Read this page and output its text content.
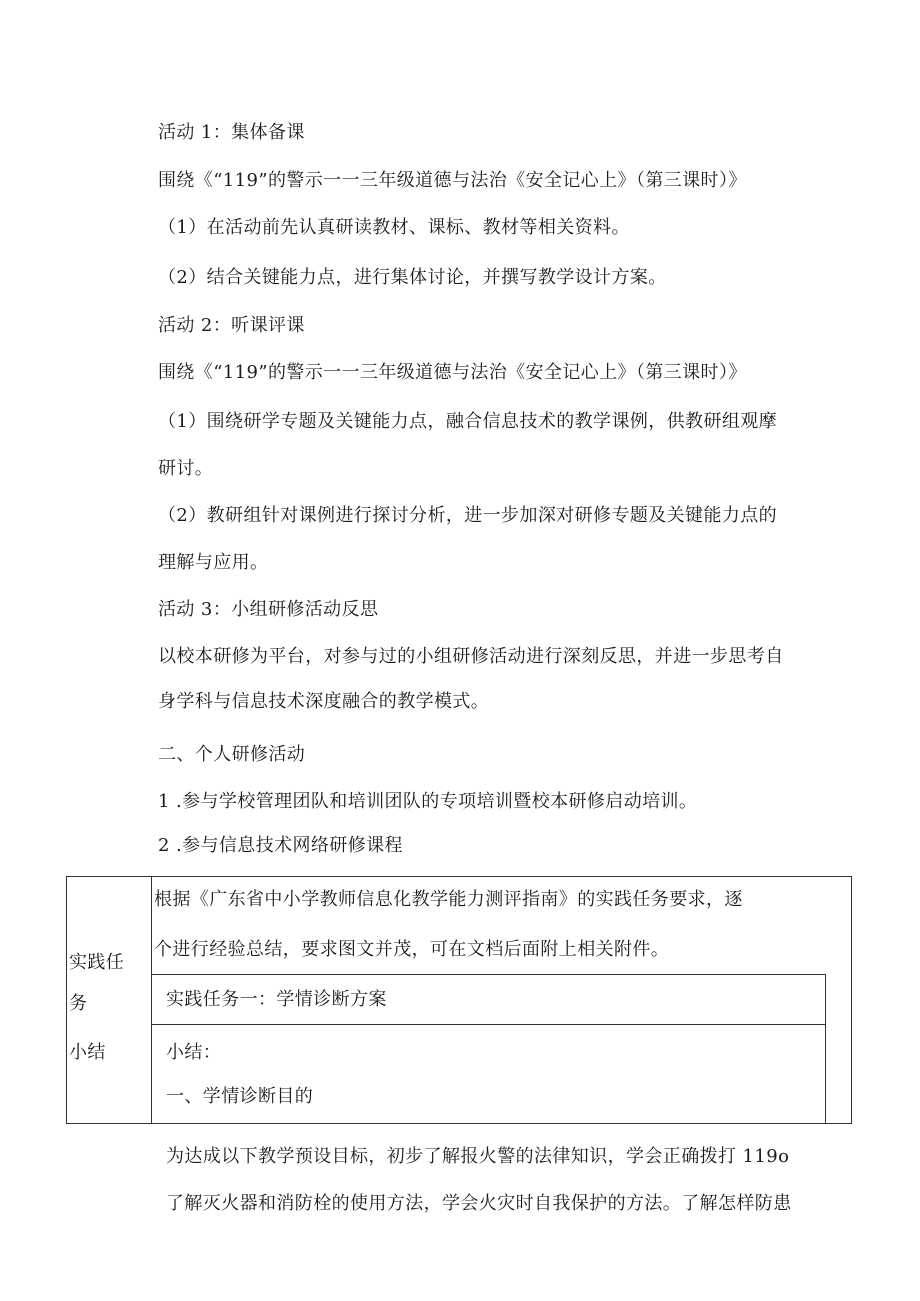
活动 1：集体备课
围绕《“119”的警示一一三年级道德与法治《安全记心上》（第三课时）》
（1）在活动前先认真研读教材、课标、教材等相关资料。
（2）结合关键能力点，进行集体讨论，并撰写教学设计方案。
活动 2：听课评课
围绕《“119”的警示一一三年级道德与法治《安全记心上》（第三课时）》
（1）围绕研学专题及关键能力点，融合信息技术的教学课例，供教研组观摩
研讨。
（2）教研组针对课例进行探讨分析，进一步加深对研修专题及关键能力点的
理解与应用。
活动 3：小组研修活动反思
以校本研修为平台，对参与过的小组研修活动进行深刻反思，并进一步思考自
身学科与信息技术深度融合的教学模式。
二、个人研修活动
1 .参与学校管理团队和培训团队的专项培训暨校本研修启动培训。
2 .参与信息技术网络研修课程
实践任
务
小结
根据《广东省中小学教师信息化教学能力测评指南》的实践任务要求，逐
个进行经验总结，要求图文并茂，可在文档后面附上相关附件。
实践任务一：学情诊断方案
小结：
一、学情诊断目的
为达成以下教学预设目标，初步了解报火警的法律知识，学会正确拨打 119o
了解灭火器和消防栓的使用方法，学会火灾时自我保护的方法。了解怎样防患
